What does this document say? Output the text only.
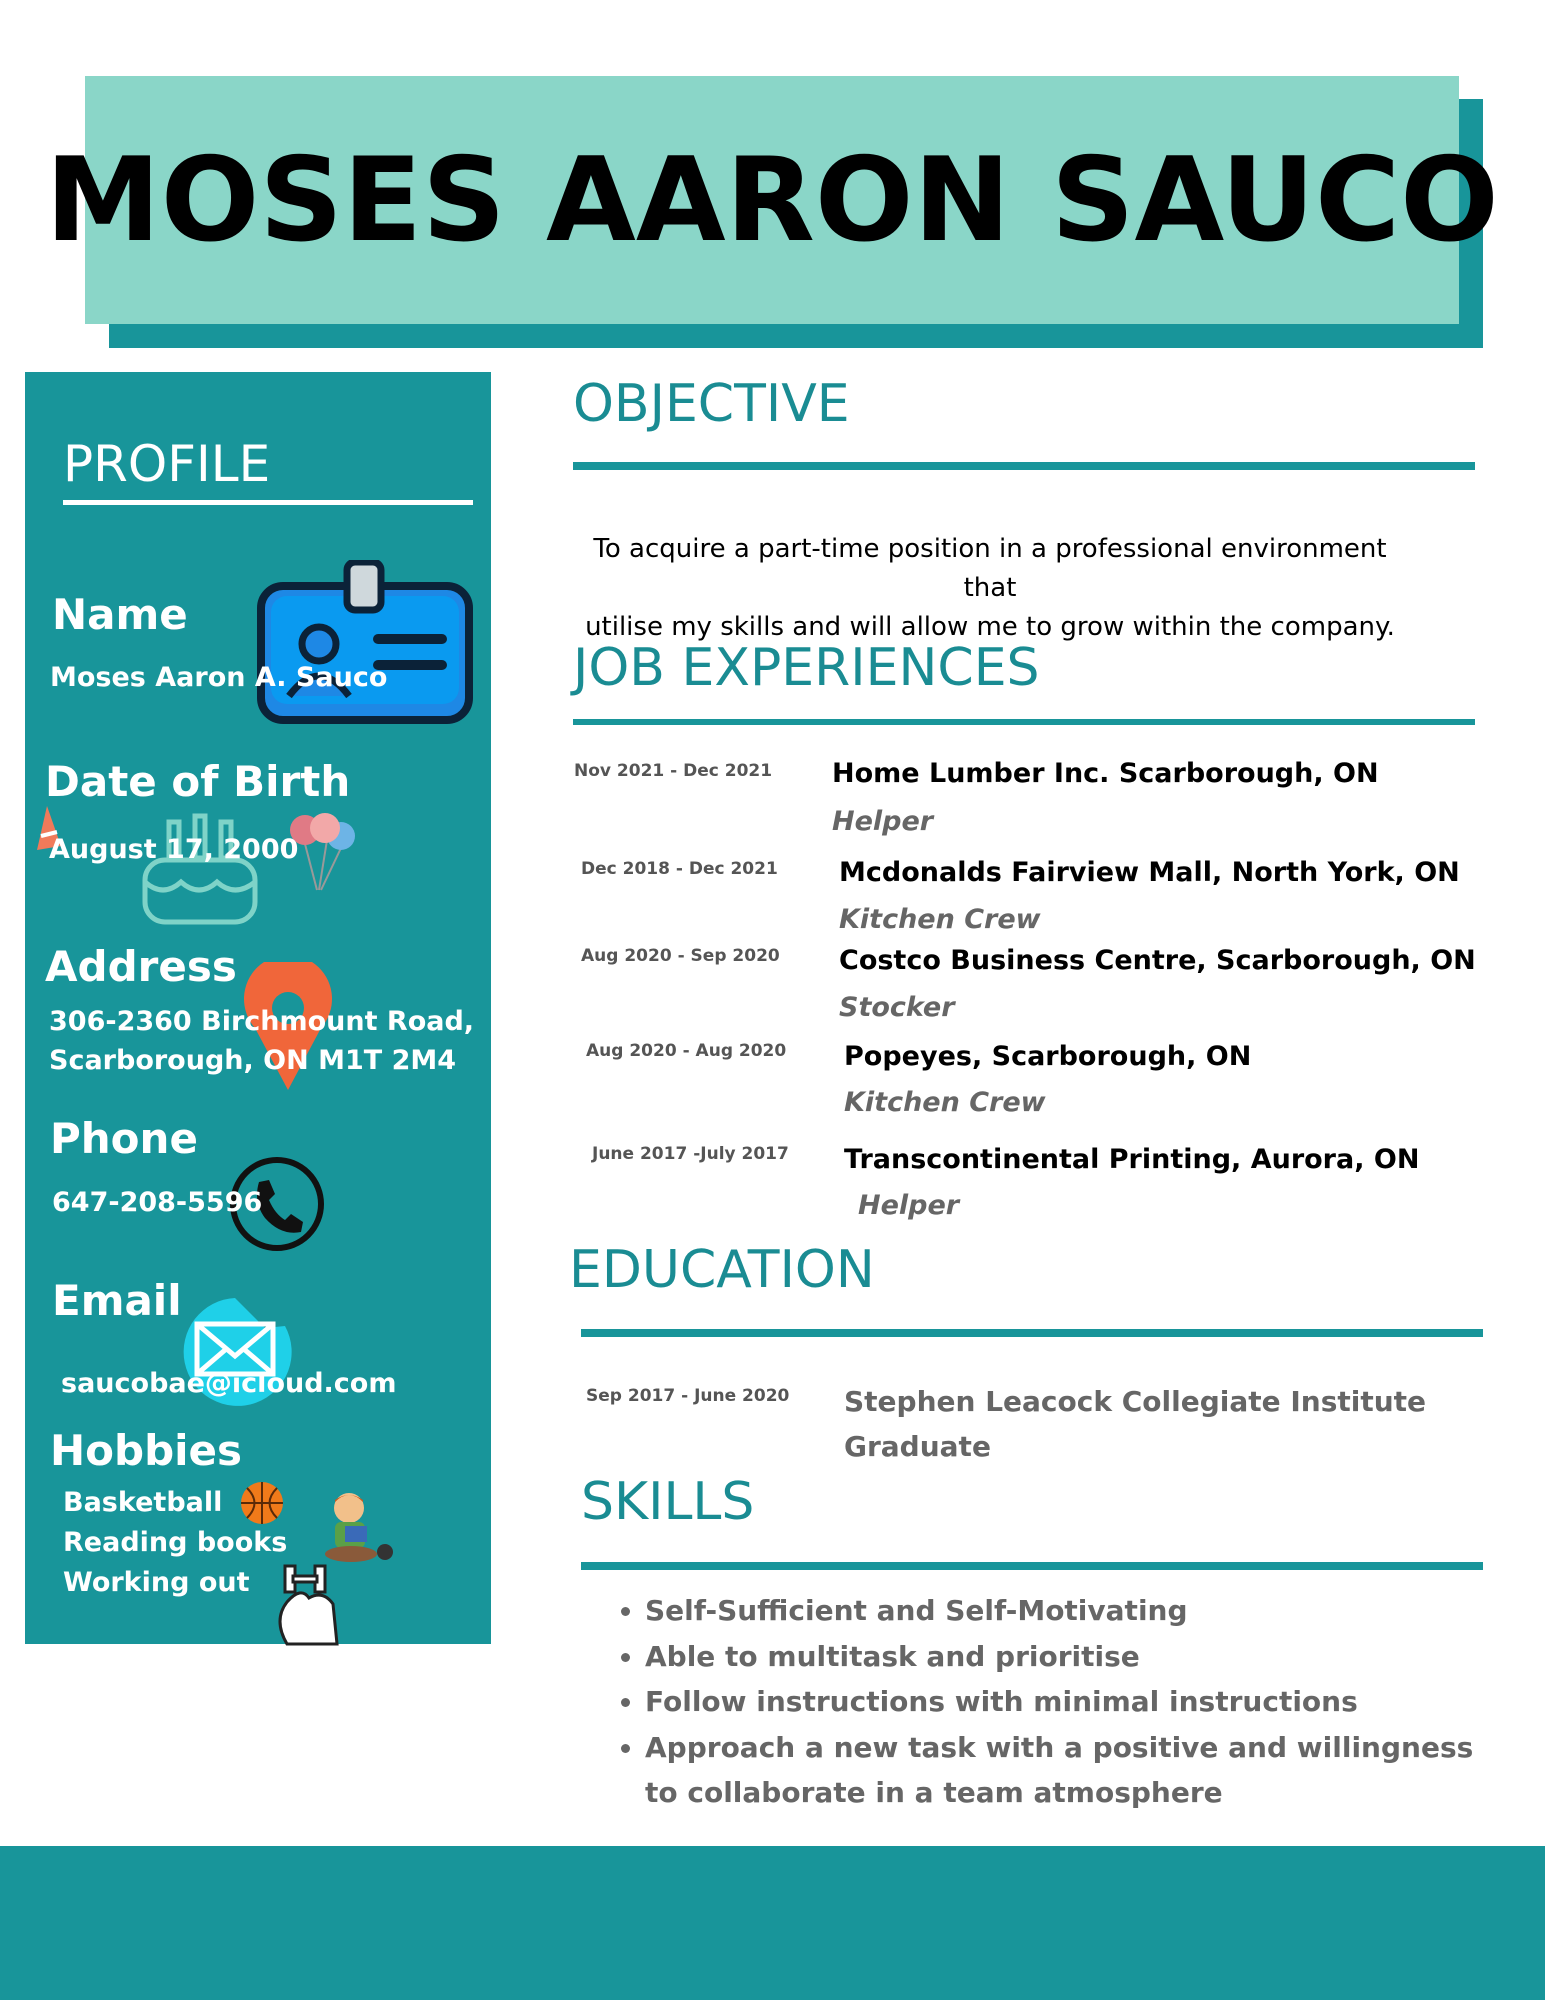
MOSES AARON SAUCO
PROFILE
Name
Moses Aaron A. Sauco
Date of Birth
August 17, 2000
Address
306-2360 Birchmount Road,
Scarborough, ON M1T 2M4
Phone
647-208-5596
Email
saucobae@icloud.com
Hobbies
Basketball
Reading books
Working out
OBJECTIVE
To acquire a part-time position in a professional environment that
utilise my skills and will allow me to grow within the company.
JOB EXPERIENCES
Nov 2021 - Dec 2021 Home Lumber Inc. Scarborough, ON
Helper
Dec 2018 - Dec 2021 Mcdonalds Fairview Mall, North York, ON
Kitchen Crew
Aug 2020 - Sep 2020 Costco Business Centre, Scarborough, ON
Stocker
Aug 2020 - Aug 2020 Popeyes, Scarborough, ON
Kitchen Crew
June 2017 -July 2017 Transcontinental Printing, Aurora, ON
Helper
EDUCATION
Sep 2017 - June 2020 Stephen Leacock Collegiate Institute
Graduate
SKILLS
• Self-Sufficient and Self-Motivating
• Able to multitask and prioritise
• Follow instructions with minimal instructions
• Approach a new task with a positive and willingness
to collaborate in a team atmosphere
